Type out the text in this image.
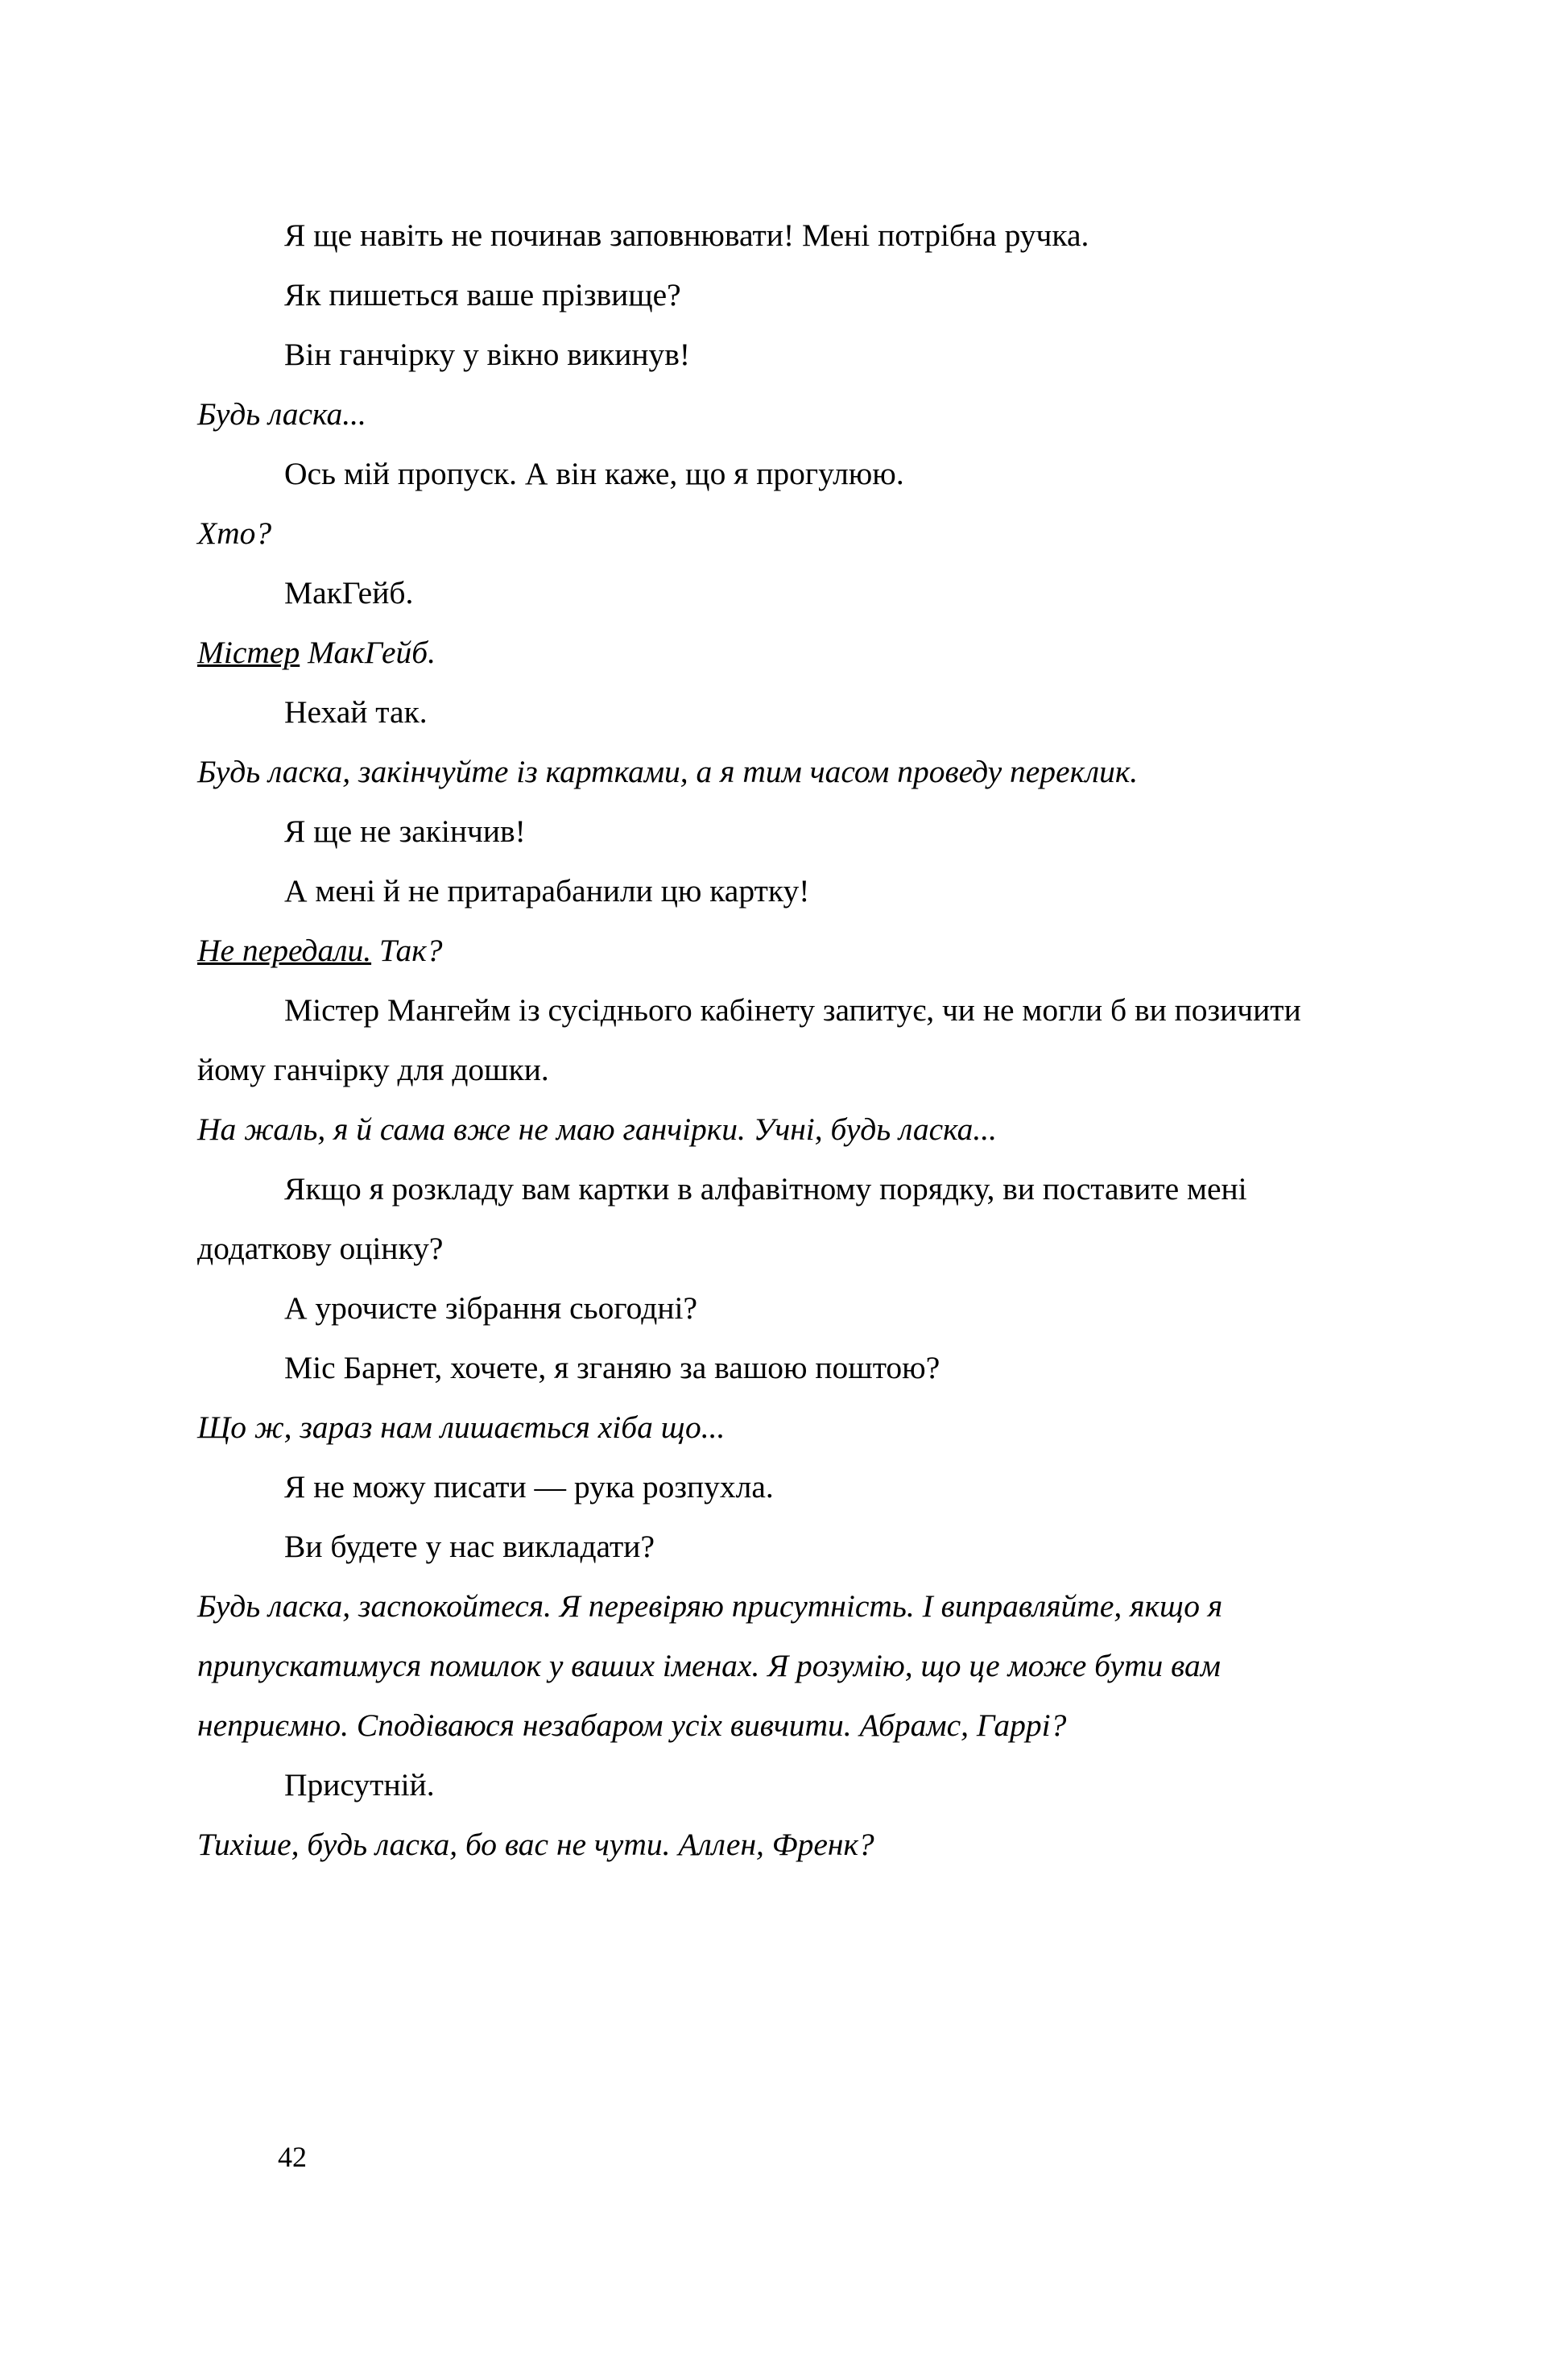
Я ще навіть не починав заповнювати! Мені потрібна ручка.

Як пишеться ваше прізвище?

Він ганчірку у вікно викинув!

Будь ласка...

Ось мій пропуск. А він каже, що я прогулюю.

Хто?

МакГейб.

Містер МакГейб.

Нехай так.

Будь ласка, закінчуйте із картками, а я тим часом проведу переклик.

Я ще не закінчив!

А мені й не притарабанили цю картку!

Не передали. Так?

Містер Мангейм із сусіднього кабінету запитує, чи не могли б ви позичити йому ганчірку для дошки.

На жаль, я й сама вже не маю ганчірки. Учні, будь ласка...

Якщо я розкладу вам картки в алфавітному порядку, ви поставите мені додаткову оцінку?

А урочисте зібрання сьогодні?

Міс Барнет, хочете, я зганяю за вашою поштою?

Що ж, зараз нам лишається хіба що...

Я не можу писати — рука розпухла.

Ви будете у нас викладати?

Будь ласка, заспокойтеся. Я перевіряю присутність. І виправляйте, якщо я припускатимуся помилок у ваших іменах. Я розумію, що це може бути вам неприємно. Сподіваюся незабаром усіх вивчити. Абрамс, Гаррі?

Присутній.

Тихіше, будь ласка, бо вас не чути. Аллен, Френк?

42
